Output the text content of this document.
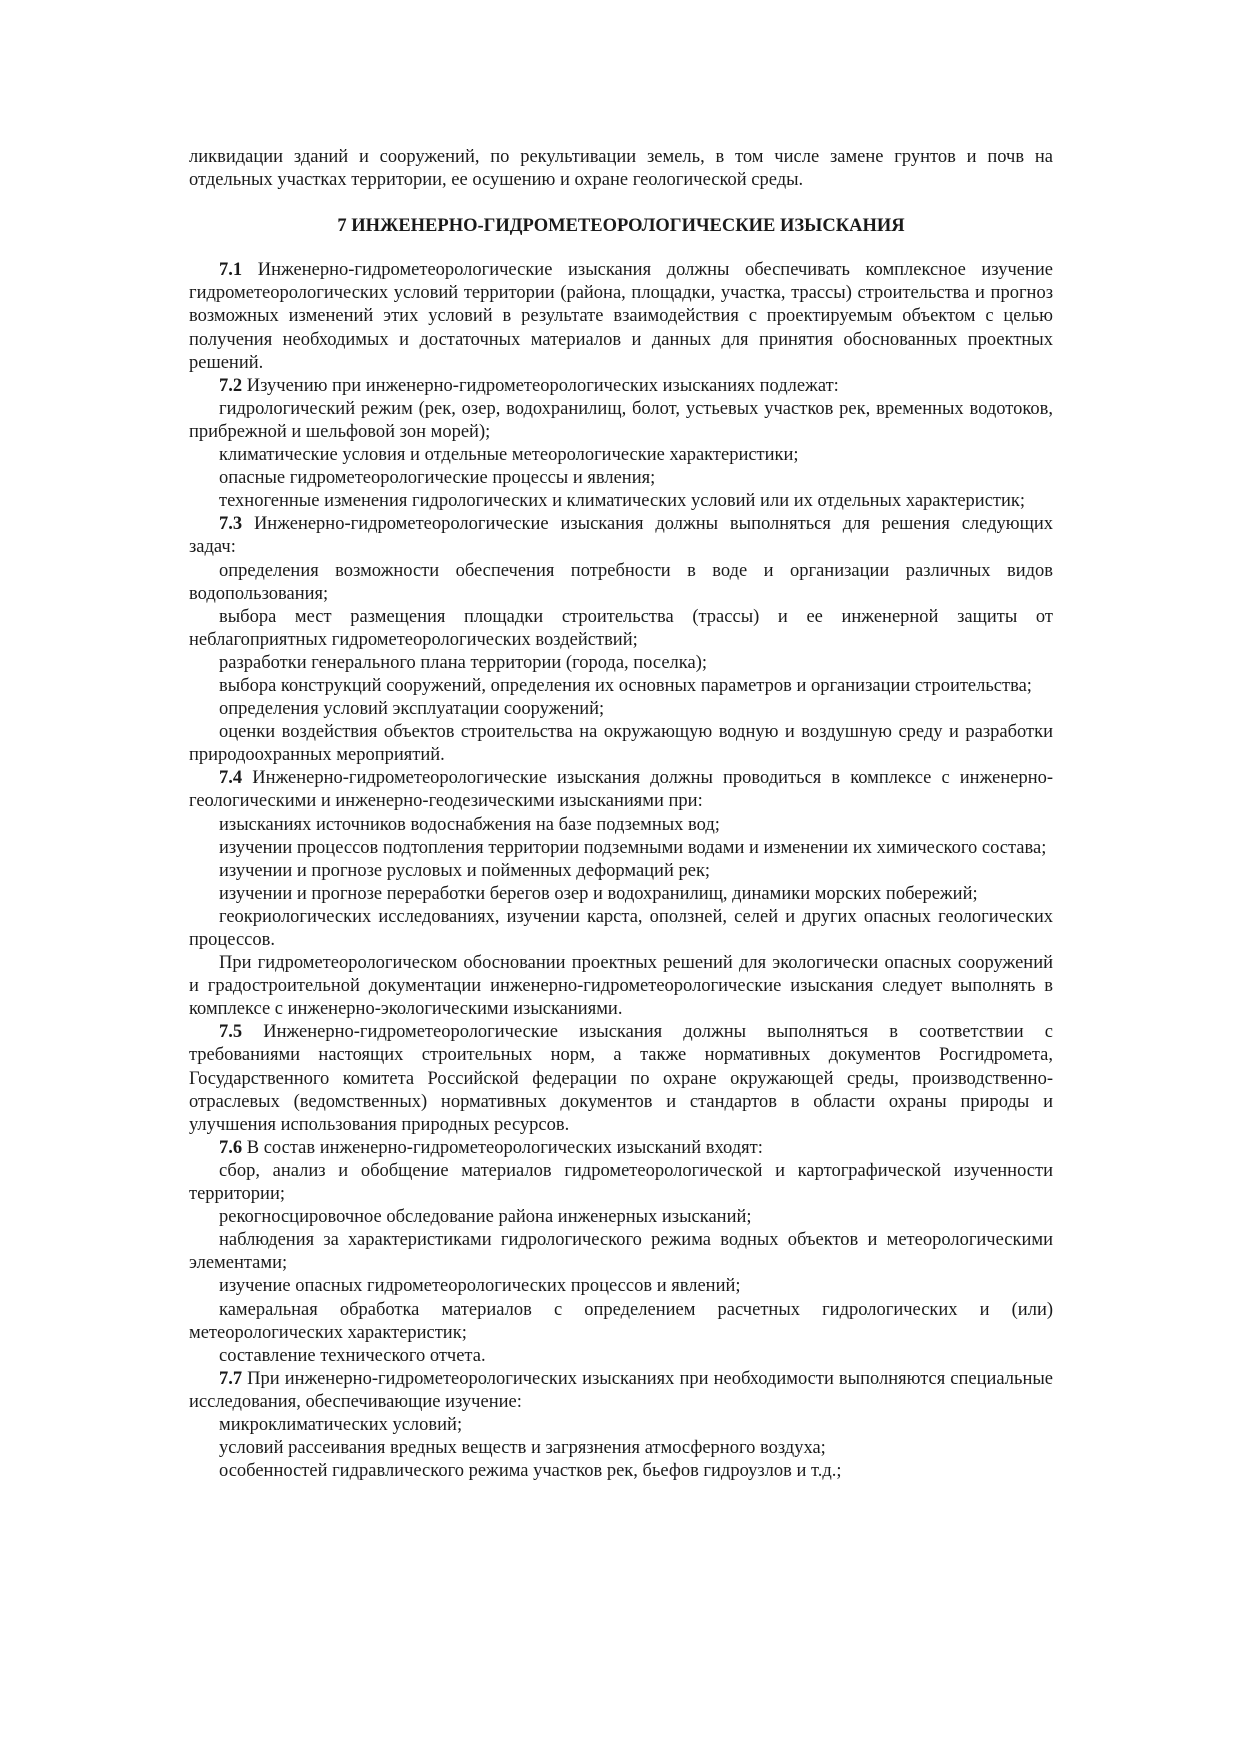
ликвидации зданий и сооружений, по рекультивации земель, в том числе замене грунтов и почв на отдельных участках территории, ее осушению и охране геологической среды.

7 ИНЖЕНЕРНО-ГИДРОМЕТЕОРОЛОГИЧЕСКИЕ ИЗЫСКАНИЯ

7.1 Инженерно-гидрометеорологические изыскания должны обеспечивать комплексное изучение гидрометеорологических условий территории (района, площадки, участка, трассы) строительства и прогноз возможных изменений этих условий в результате взаимодействия с проектируемым объектом с целью получения необходимых и достаточных материалов и данных для принятия обоснованных проектных решений.

7.2 Изучению при инженерно-гидрометеорологических изысканиях подлежат:

гидрологический режим (рек, озер, водохранилищ, болот, устьевых участков рек, временных водотоков, прибрежной и шельфовой зон морей);

климатические условия и отдельные метеорологические характеристики;

опасные гидрометеорологические процессы и явления;

техногенные изменения гидрологических и климатических условий или их отдельных характеристик;

7.3 Инженерно-гидрометеорологические изыскания должны выполняться для решения следующих задач:

определения возможности обеспечения потребности в воде и организации различных видов водопользования;

выбора мест размещения площадки строительства (трассы) и ее инженерной защиты от неблагоприятных гидрометеорологических воздействий;

разработки генерального плана территории (города, поселка);

выбора конструкций сооружений, определения их основных параметров и организации строительства;

определения условий эксплуатации сооружений;

оценки воздействия объектов строительства на окружающую водную и воздушную среду и разработки природоохранных мероприятий.

7.4 Инженерно-гидрометеорологические изыскания должны проводиться в комплексе с инженерно-геологическими и инженерно-геодезическими изысканиями при:

изысканиях источников водоснабжения на базе подземных вод;

изучении процессов подтопления территории подземными водами и изменении их химического состава;

изучении и прогнозе русловых и пойменных деформаций рек;

изучении и прогнозе переработки берегов озер и водохранилищ, динамики морских побережий;

геокриологических исследованиях, изучении карста, оползней, селей и других опасных геологических процессов.

При гидрометеорологическом обосновании проектных решений для экологически опасных сооружений и градостроительной документации инженерно-гидрометеорологические изыскания следует выполнять в комплексе с инженерно-экологическими изысканиями.

7.5 Инженерно-гидрометеорологические изыскания должны выполняться в соответствии с требованиями настоящих строительных норм, а также нормативных документов Росгидромета, Государственного комитета Российской федерации по охране окружающей среды, производственно-отраслевых (ведомственных) нормативных документов и стандартов в области охраны природы и улучшения использования природных ресурсов.

7.6 В состав инженерно-гидрометеорологических изысканий входят:

сбор, анализ и обобщение материалов гидрометеорологической и картографической изученности территории;

рекогносцировочное обследование района инженерных изысканий;

наблюдения за характеристиками гидрологического режима водных объектов и метеорологическими элементами;

изучение опасных гидрометеорологических процессов и явлений;

камеральная обработка материалов с определением расчетных гидрологических и (или) метеорологических характеристик;

составление технического отчета.

7.7 При инженерно-гидрометеорологических изысканиях при необходимости выполняются специальные исследования, обеспечивающие изучение:

микроклиматических условий;

условий рассеивания вредных веществ и загрязнения атмосферного воздуха;

особенностей гидравлического режима участков рек, бьефов гидроузлов и т.д.;
